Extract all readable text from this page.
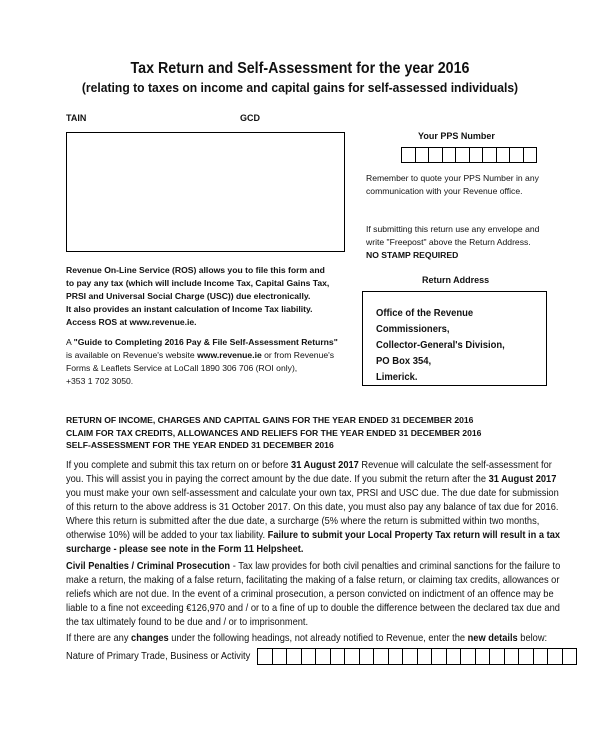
Tax Return and Self-Assessment for the year 2016
(relating to taxes on income and capital gains for self-assessed individuals)
TAIN	GCD
Your PPS Number
Remember to quote your PPS Number in any
communication with your Revenue office.
If submitting this return use any envelope and
write "Freepost" above the Return Address.
NO STAMP REQUIRED
Return Address
Office of the Revenue Commissioners,
Collector-General's Division,
PO Box 354,
Limerick.
Revenue On-Line Service (ROS) allows you to file this form and
to pay any tax (which will include Income Tax, Capital Gains Tax,
PRSI and Universal Social Charge (USC)) due electronically.
It also provides an instant calculation of Income Tax liability.
Access ROS at www.revenue.ie.
A "Guide to Completing 2016 Pay & File Self-Assessment Returns"
is available on Revenue's website www.revenue.ie or from Revenue's
Forms & Leaflets Service at LoCall 1890 306 706 (ROI only),
+353 1 702 3050.
RETURN OF INCOME, CHARGES AND CAPITAL GAINS FOR THE YEAR ENDED 31 DECEMBER 2016
CLAIM FOR TAX CREDITS, ALLOWANCES AND RELIEFS FOR THE YEAR ENDED 31 DECEMBER 2016
SELF-ASSESSMENT FOR THE YEAR ENDED 31 DECEMBER 2016

If you complete and submit this tax return on or before 31 August 2017 Revenue will calculate the self-assessment for
you. This will assist you in paying the correct amount by the due date. If you submit the return after the 31 August 2017
you must make your own self-assessment and calculate your own tax, PRSI and USC due. The due date for submission
of this return to the above address is 31 October 2017. On this date, you must also pay any balance of tax due for 2016.
Where this return is submitted after the due date, a surcharge (5% where the return is submitted within two months,
otherwise 10%) will be added to your tax liability. Failure to submit your Local Property Tax return will result in a tax
surcharge - please see note in the Form 11 Helpsheet.

Civil Penalties / Criminal Prosecution - Tax law provides for both civil penalties and criminal sanctions for the failure to
make a return, the making of a false return, facilitating the making of a false return, or claiming tax credits, allowances or
reliefs which are not due. In the event of a criminal prosecution, a person convicted on indictment of an offence may be
liable to a fine not exceeding €126,970 and / or to a fine of up to double the difference between the declared tax due and
the tax ultimately found to be due and / or to imprisonment.

If there are any changes under the following headings, not already notified to Revenue, enter the new details below:

Nature of Primary Trade, Business or Activity
